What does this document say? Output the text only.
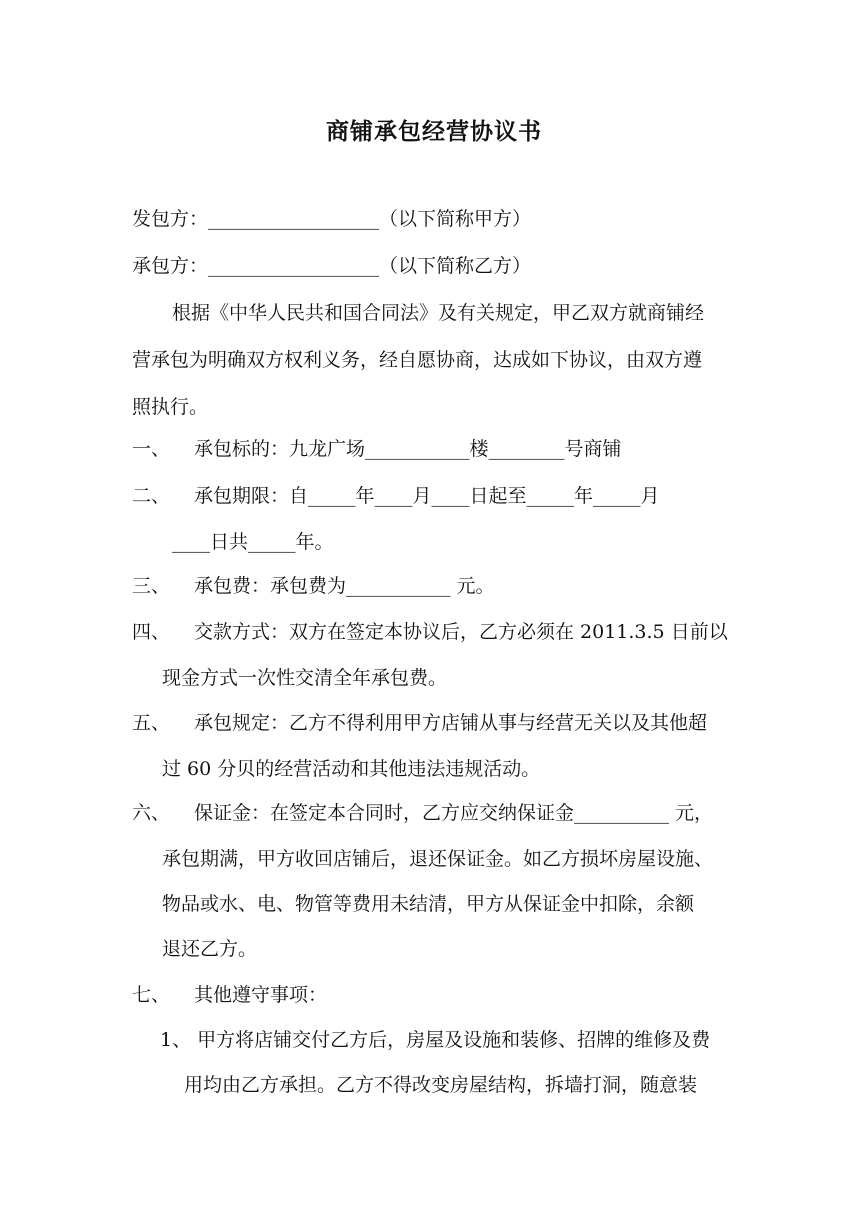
商铺承包经营协议书
发包方：__________________（以下简称甲方）
承包方：__________________（以下简称乙方）
根据《中华人民共和国合同法》及有关规定，甲乙双方就商铺经
营承包为明确双方权利义务，经自愿协商，达成如下协议，由双方遵
照执行。
一、 承包标的：九龙广场___________楼________号商铺
二、 承包期限：自_____年____月____日起至_____年_____月
____日共_____年。
三、 承包费：承包费为___________ 元。
四、 交款方式：双方在签定本协议后，乙方必须在 2011.3.5 日前以
现金方式一次性交清全年承包费。
五、 承包规定：乙方不得利用甲方店铺从事与经营无关以及其他超
过 60 分贝的经营活动和其他违法违规活动。
六、 保证金：在签定本合同时，乙方应交纳保证金__________ 元，
承包期满，甲方收回店铺后，退还保证金。如乙方损坏房屋设施、
物品或水、电、物管等费用未结清，甲方从保证金中扣除，余额
退还乙方。
七、 其他遵守事项：
1、 甲方将店铺交付乙方后，房屋及设施和装修、招牌的维修及费
用均由乙方承担。乙方不得改变房屋结构，拆墙打洞，随意装
